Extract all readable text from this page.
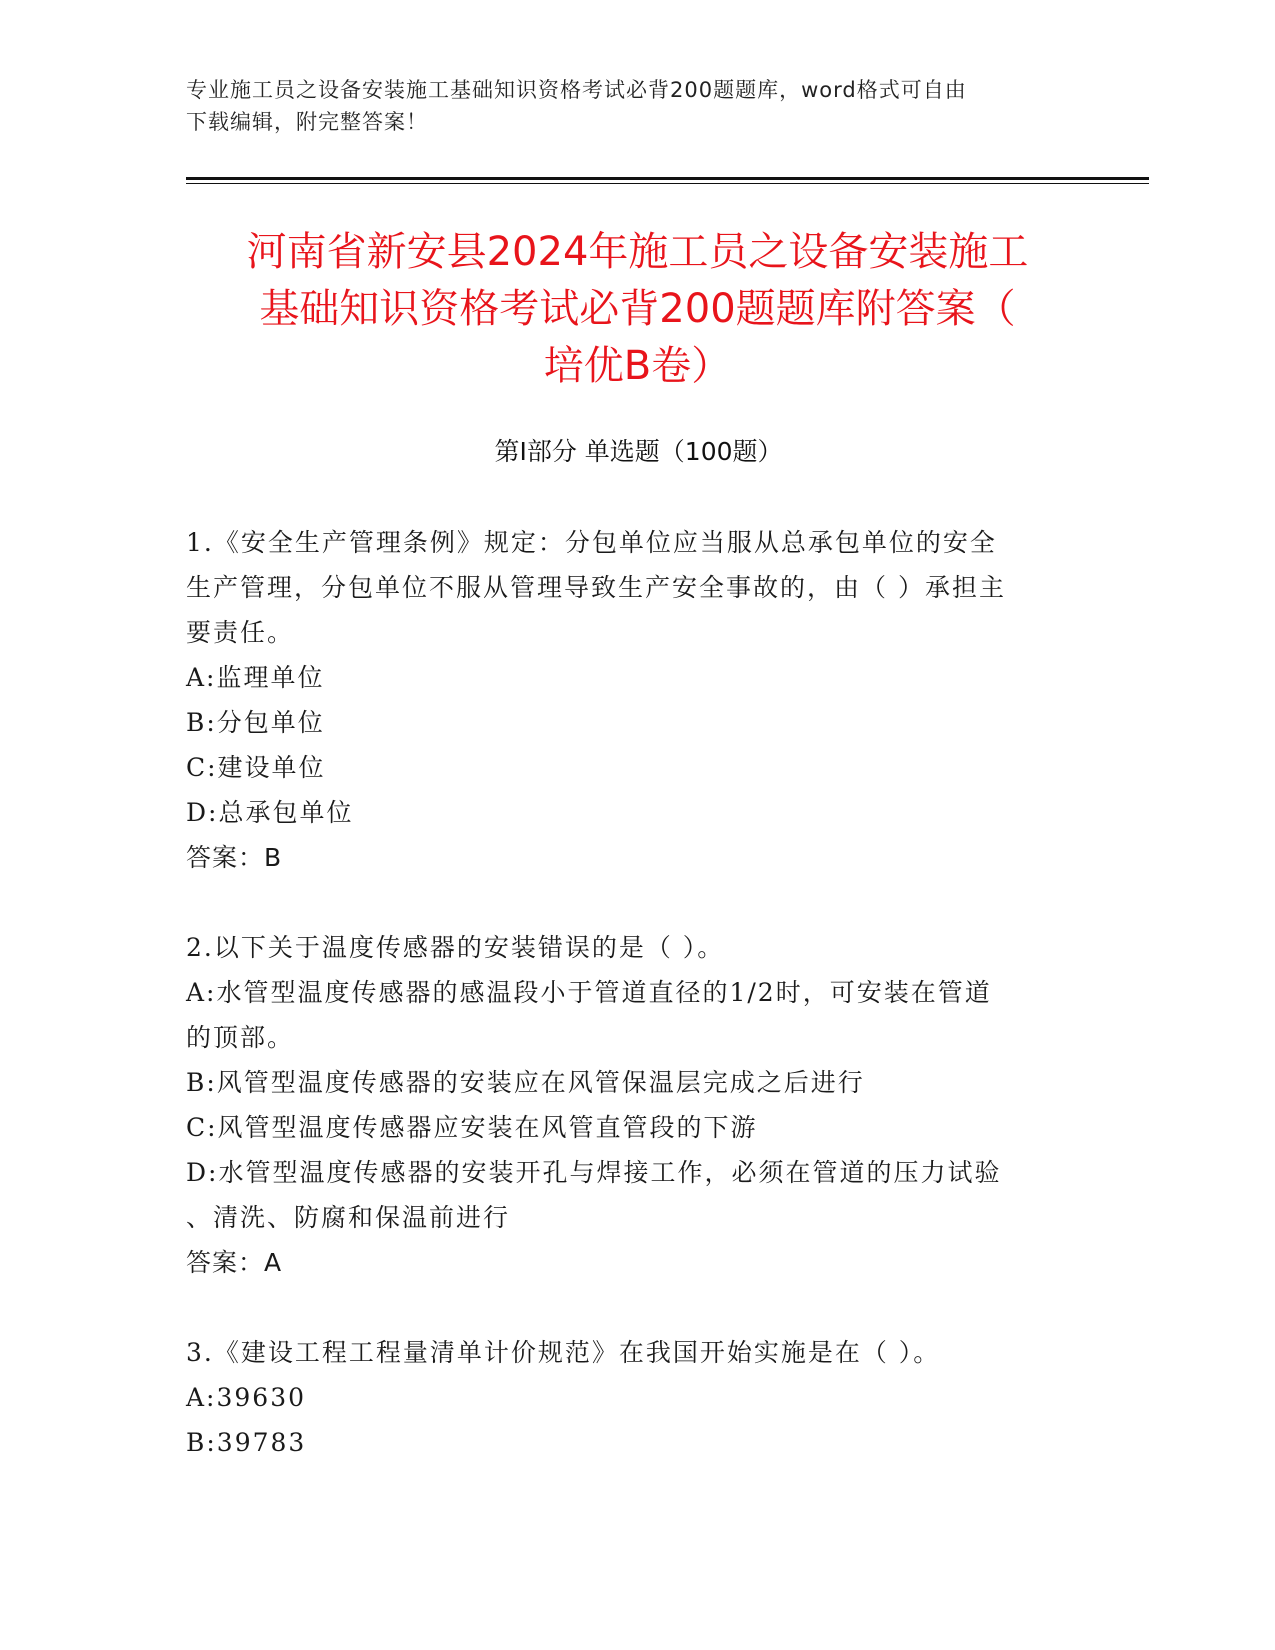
专业施工员之设备安装施工基础知识资格考试必背200题题库，word格式可自由
下载编辑，附完整答案！
河南省新安县2024年施工员之设备安装施工
基础知识资格考试必背200题题库附答案（
培优B卷）
第Ⅰ部分 单选题（100题）
1.《安全生产管理条例》规定：分包单位应当服从总承包单位的安全
生产管理，分包单位不服从管理导致生产安全事故的，由（ ）承担主
要责任。
A:监理单位
B:分包单位
C:建设单位
D:总承包单位
答案：B
2.以下关于温度传感器的安装错误的是（ ）。
A:水管型温度传感器的感温段小于管道直径的1/2时，可安装在管道
的顶部。
B:风管型温度传感器的安装应在风管保温层完成之后进行
C:风管型温度传感器应安装在风管直管段的下游
D:水管型温度传感器的安装开孔与焊接工作，必须在管道的压力试验
、清洗、防腐和保温前进行
答案：A
3.《建设工程工程量清单计价规范》在我国开始实施是在（ ）。
A:39630
B:39783
